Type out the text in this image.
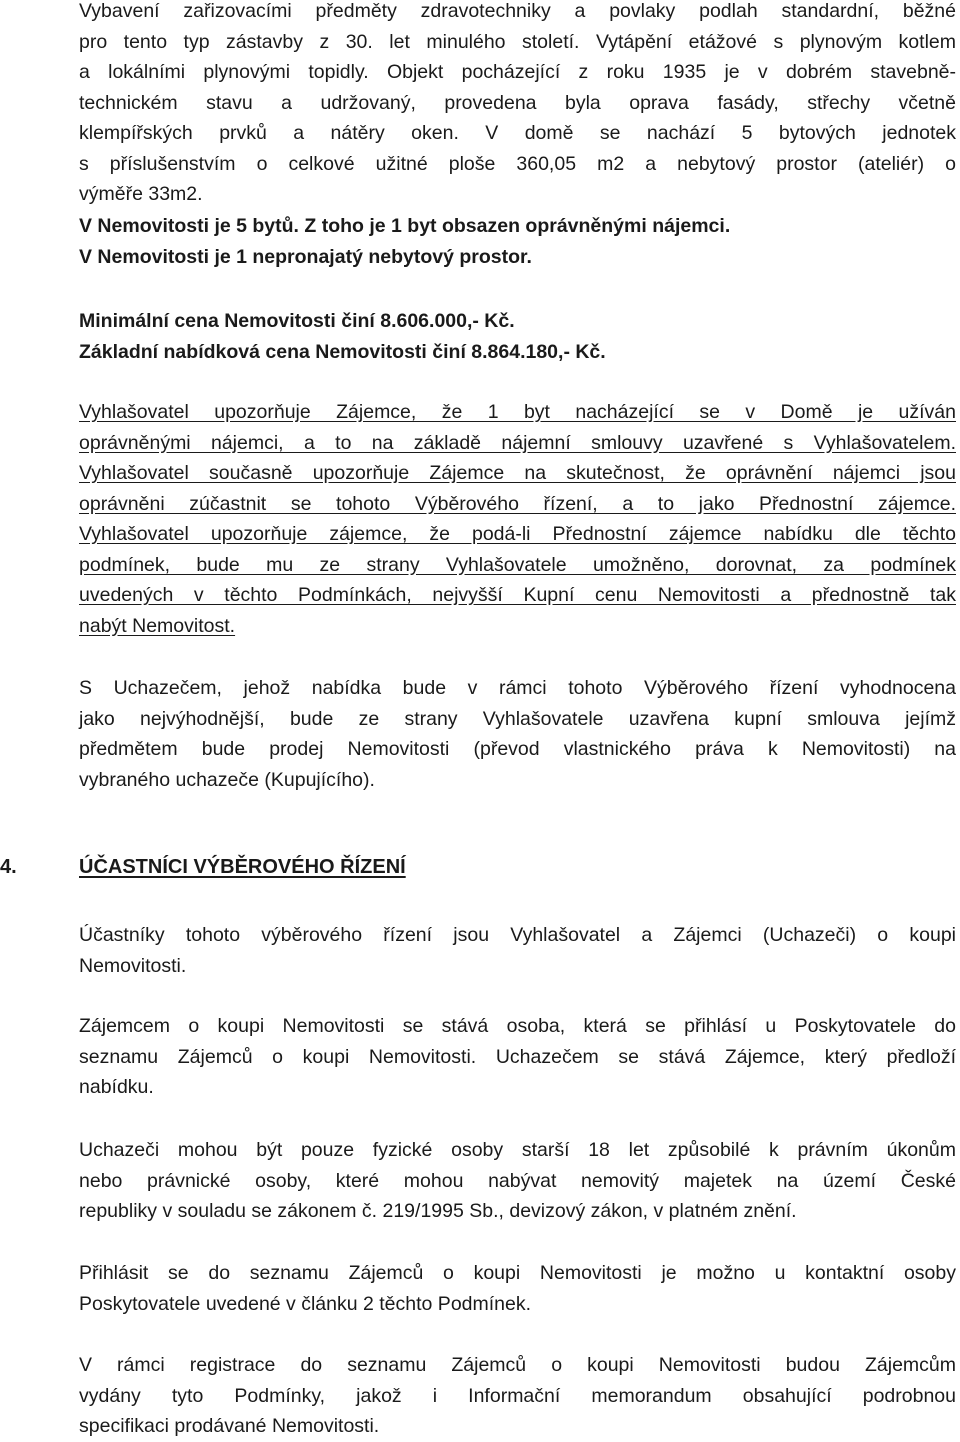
Vybavení zařizovacími předměty zdravotechniky a povlaky podlah standardní, běžné
pro tento typ zástavby z 30. let minulého století. Vytápění etážové s plynovým kotlem
a lokálními plynovými topidly. Objekt pocházející z roku 1935 je v dobrém stavebně-
technickém stavu a udržovaný, provedena byla oprava fasády, střechy včetně
klempířských prvků a nátěry oken. V domě se nachází 5 bytových jednotek
s příslušenstvím o celkové užitné ploše 360,05 m2 a nebytový prostor (ateliér) o
výměře 33m2.

V Nemovitosti je 5 bytů. Z toho je 1 byt obsazen oprávněnými nájemci.
V Nemovitosti je 1 nepronajatý nebytový prostor.

Minimální cena Nemovitosti činí 8.606.000,- Kč.
Základní nabídková cena Nemovitosti činí 8.864.180,- Kč.

Vyhlašovatel upozorňuje Zájemce, že 1 byt nacházející se v Domě je užíván
oprávněnými nájemci, a to na základě nájemní smlouvy uzavřené s Vyhlašovatelem.
Vyhlašovatel současně upozorňuje Zájemce na skutečnost, že oprávnění nájemci jsou
oprávněni zúčastnit se tohoto Výběrového řízení, a to jako Přednostní zájemce.
Vyhlašovatel upozorňuje zájemce, že podá-li Přednostní zájemce nabídku dle těchto
podmínek, bude mu ze strany Vyhlašovatele umožněno, dorovnat, za podmínek
uvedených v těchto Podmínkách, nejvyšší Kupní cenu Nemovitosti a přednostně tak
nabýt Nemovitost.

S Uchazečem, jehož nabídka bude v rámci tohoto Výběrového řízení vyhodnocena
jako nejvýhodnější, bude ze strany Vyhlašovatele uzavřena kupní smlouva jejímž
předmětem bude prodej Nemovitosti (převod vlastnického práva k Nemovitosti) na
vybraného uchazeče (Kupujícího).

4.	ÚČASTNÍCI VÝBĚROVÉHO ŘÍZENÍ

Účastníky tohoto výběrového řízení jsou Vyhlašovatel a Zájemci (Uchazeči) o koupi
Nemovitosti.

Zájemcem o koupi Nemovitosti se stává osoba, která se přihlásí u Poskytovatele do
seznamu Zájemců o koupi Nemovitosti. Uchazečem se stává Zájemce, který předloží
nabídku.

Uchazeči mohou být pouze fyzické osoby starší 18 let způsobilé k právním úkonům
nebo právnické osoby, které mohou nabývat nemovitý majetek na území České
republiky v souladu se zákonem č. 219/1995 Sb., devizový zákon, v platném znění.

Přihlásit se do seznamu Zájemců o koupi Nemovitosti je možno u kontaktní osoby
Poskytovatele uvedené v článku 2 těchto Podmínek.

V rámci registrace do seznamu Zájemců o koupi Nemovitosti budou Zájemcům
vydány tyto Podmínky, jakož i Informační memorandum obsahující podrobnou
specifikaci prodávané Nemovitosti.
